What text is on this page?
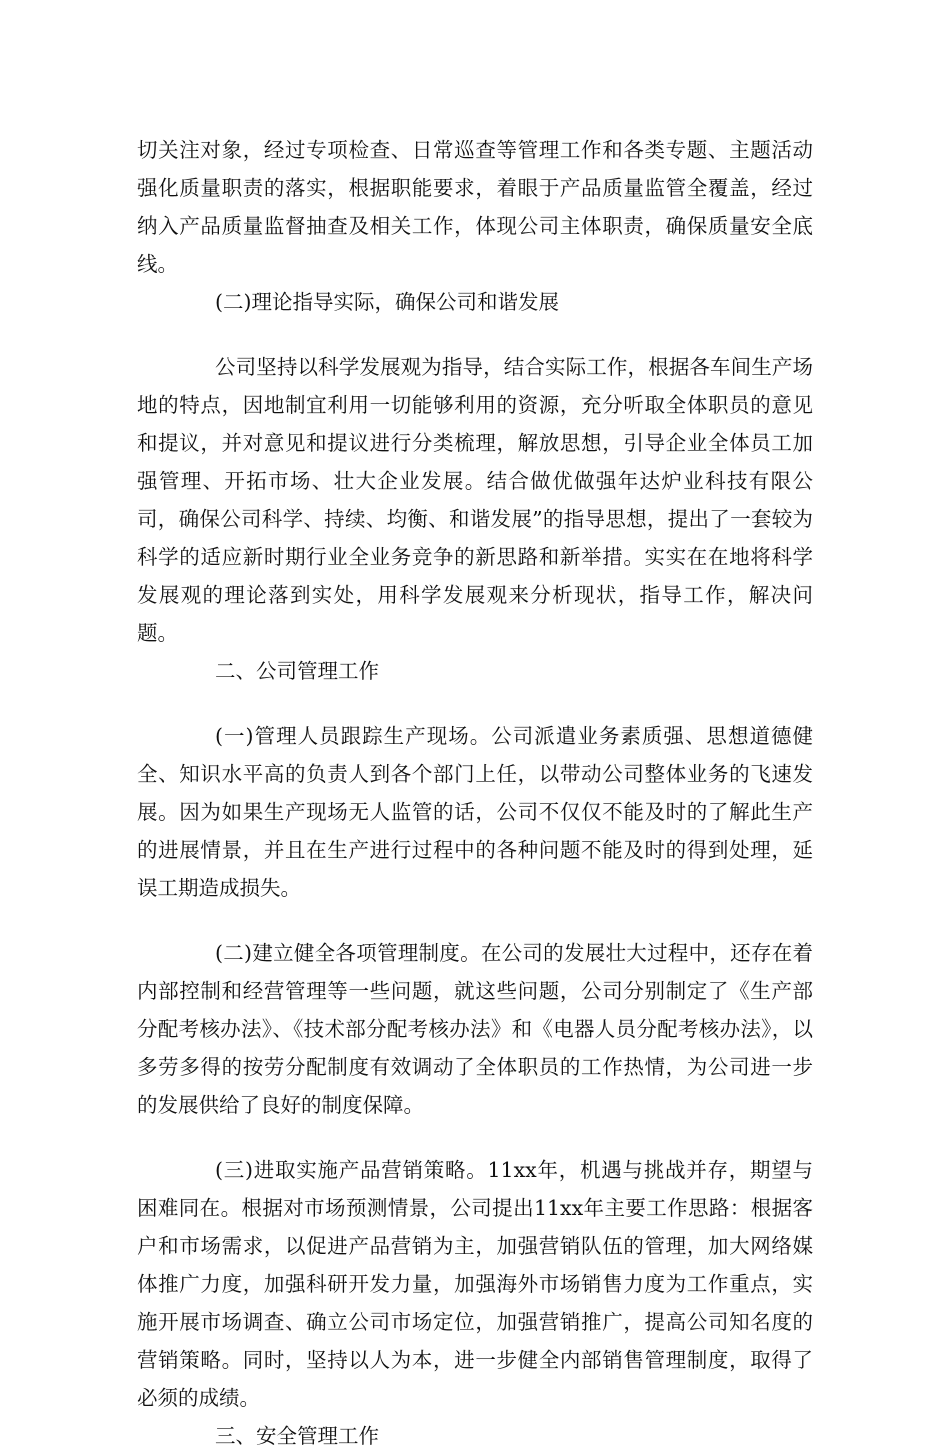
切关注对象，经过专项检查、日常巡查等管理工作和各类专题、主题活动强化质量职责的落实，根据职能要求，着眼于产品质量监管全覆盖，经过纳入产品质量监督抽查及相关工作，体现公司主体职责，确保质量安全底线。

(二)理论指导实际，确保公司和谐发展

公司坚持以科学发展观为指导，结合实际工作，根据各车间生产场地的特点，因地制宜利用一切能够利用的资源，充分听取全体职员的意见和提议，并对意见和提议进行分类梳理，解放思想，引导企业全体员工加强管理、开拓市场、壮大企业发展。结合做优做强年达炉业科技有限公司，确保公司科学、持续、均衡、和谐发展”的指导思想，提出了一套较为科学的适应新时期行业全业务竞争的新思路和新举措。实实在在地将科学发展观的理论落到实处，用科学发展观来分析现状，指导工作，解决问题。

二、公司管理工作

(一)管理人员跟踪生产现场。公司派遣业务素质强、思想道德健全、知识水平高的负责人到各个部门上任，以带动公司整体业务的飞速发展。因为如果生产现场无人监管的话，公司不仅仅不能及时的了解此生产的进展情景，并且在生产进行过程中的各种问题不能及时的得到处理，延误工期造成损失。

(二)建立健全各项管理制度。在公司的发展壮大过程中，还存在着内部控制和经营管理等一些问题，就这些问题，公司分别制定了《生产部分配考核办法》、《技术部分配考核办法》和《电器人员分配考核办法》，以多劳多得的按劳分配制度有效调动了全体职员的工作热情，为公司进一步的发展供给了良好的制度保障。

(三)进取实施产品营销策略。11xx年，机遇与挑战并存，期望与困难同在。根据对市场预测情景，公司提出11xx年主要工作思路：根据客户和市场需求，以促进产品营销为主，加强营销队伍的管理，加大网络媒体推广力度，加强科研开发力量，加强海外市场销售力度为工作重点，实施开展市场调查、确立公司市场定位，加强营销推广，提高公司知名度的营销策略。同时，坚持以人为本，进一步健全内部销售管理制度，取得了必须的成绩。

三、安全管理工作
